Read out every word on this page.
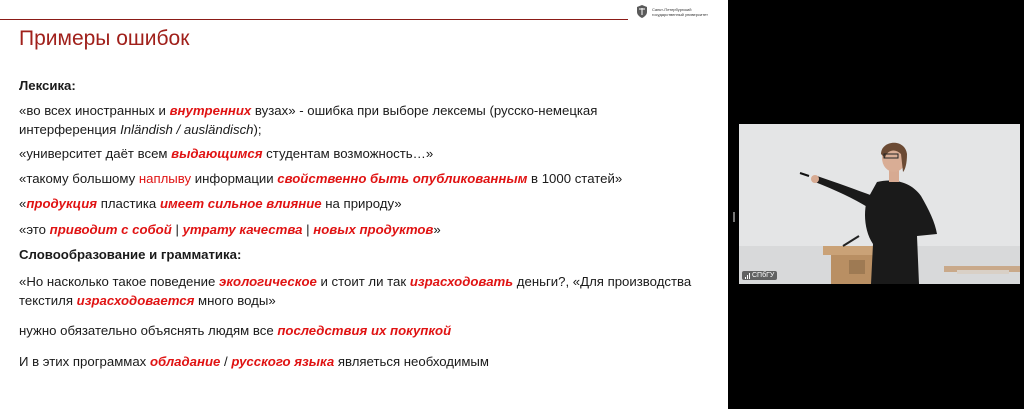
Санкт-Петербургский
государственный университет
Примеры ошибок
Лексика:
«во всех иностранных и внутренних вузах» - ошибка при выборе лексемы (русско-немецкая
интерференция Inländish / ausländisch);
«университет даёт всем выдающимся студентам возможность…»
«такому большому наплыву информации свойственно быть опубликованным в 1000 статей»
«продукция пластика имеет сильное влияние на природу»
«это приводит с собой | утрату качества | новых продуктов»
Словообразование и грамматика:
«Но насколько такое поведение экологическое и стоит ли так израсходовать деньги?, «Для производства
текстиля израсходовается много воды»
нужно обязательно объяснять людям все последствия их покупкой
И в этих программах обладание / русского языка являеться необходимым
СПбГУ
